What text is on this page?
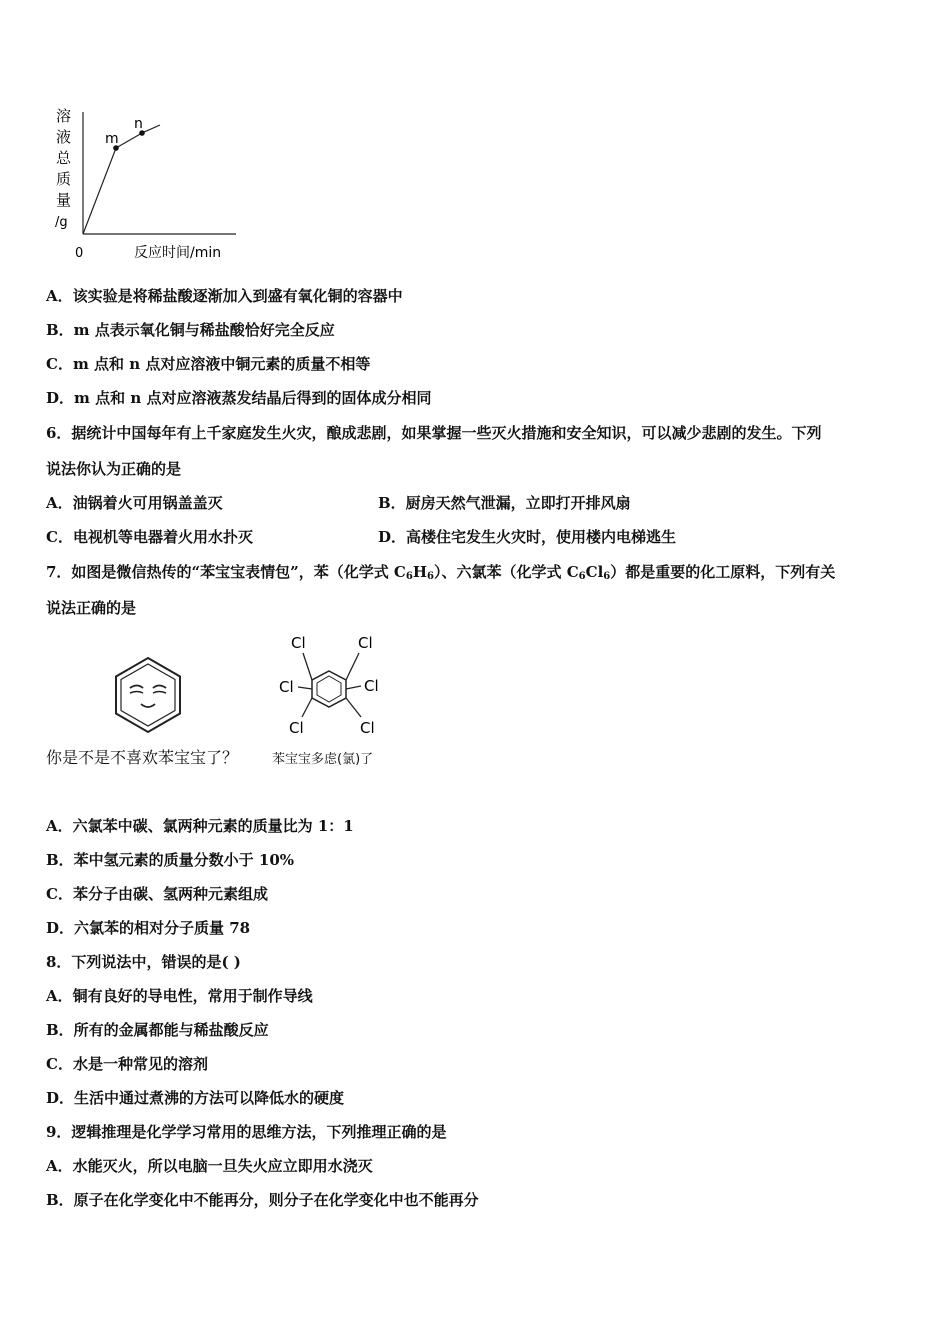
溶
液
总
质
量
/g
m
n
0	反应时间/min
A．该实验是将稀盐酸逐渐加入到盛有氧化铜的容器中
B．m 点表示氧化铜与稀盐酸恰好完全反应
C．m 点和 n 点对应溶液中铜元素的质量不相等
D．m 点和 n 点对应溶液蒸发结晶后得到的固体成分相同
6．据统计中国每年有上千家庭发生火灾，酿成悲剧，如果掌握一些灭火措施和安全知识，可以减少悲剧的发生。下列
说法你认为正确的是
A．油锅着火可用锅盖盖灭	B．厨房天然气泄漏，立即打开排风扇
C．电视机等电器着火用水扑灭	D．高楼住宅发生火灾时，使用楼内电梯逃生
7．如图是微信热传的“苯宝宝表情包”，苯（化学式 $C_6H_6$）、六氯苯（化学式 $C_6Cl_6$）都是重要的化工原料，下列有关
说法正确的是
Cl	Cl
Cl	Cl
Cl	Cl
你是不是不喜欢苯宝宝了？	苯宝宝多虑(氯)了
A．六氯苯中碳、氯两种元素的质量比为 1：1
B．苯中氢元素的质量分数小于 10%
C．苯分子由碳、氢两种元素组成
D．六氯苯的相对分子质量 78
8．下列说法中，错误的是( )
A．铜有良好的导电性，常用于制作导线
B．所有的金属都能与稀盐酸反应
C．水是一种常见的溶剂
D．生活中通过煮沸的方法可以降低水的硬度
9．逻辑推理是化学学习常用的思维方法，下列推理正确的是
A．水能灭火，所以电脑一旦失火应立即用水浇灭
B．原子在化学变化中不能再分，则分子在化学变化中也不能再分
